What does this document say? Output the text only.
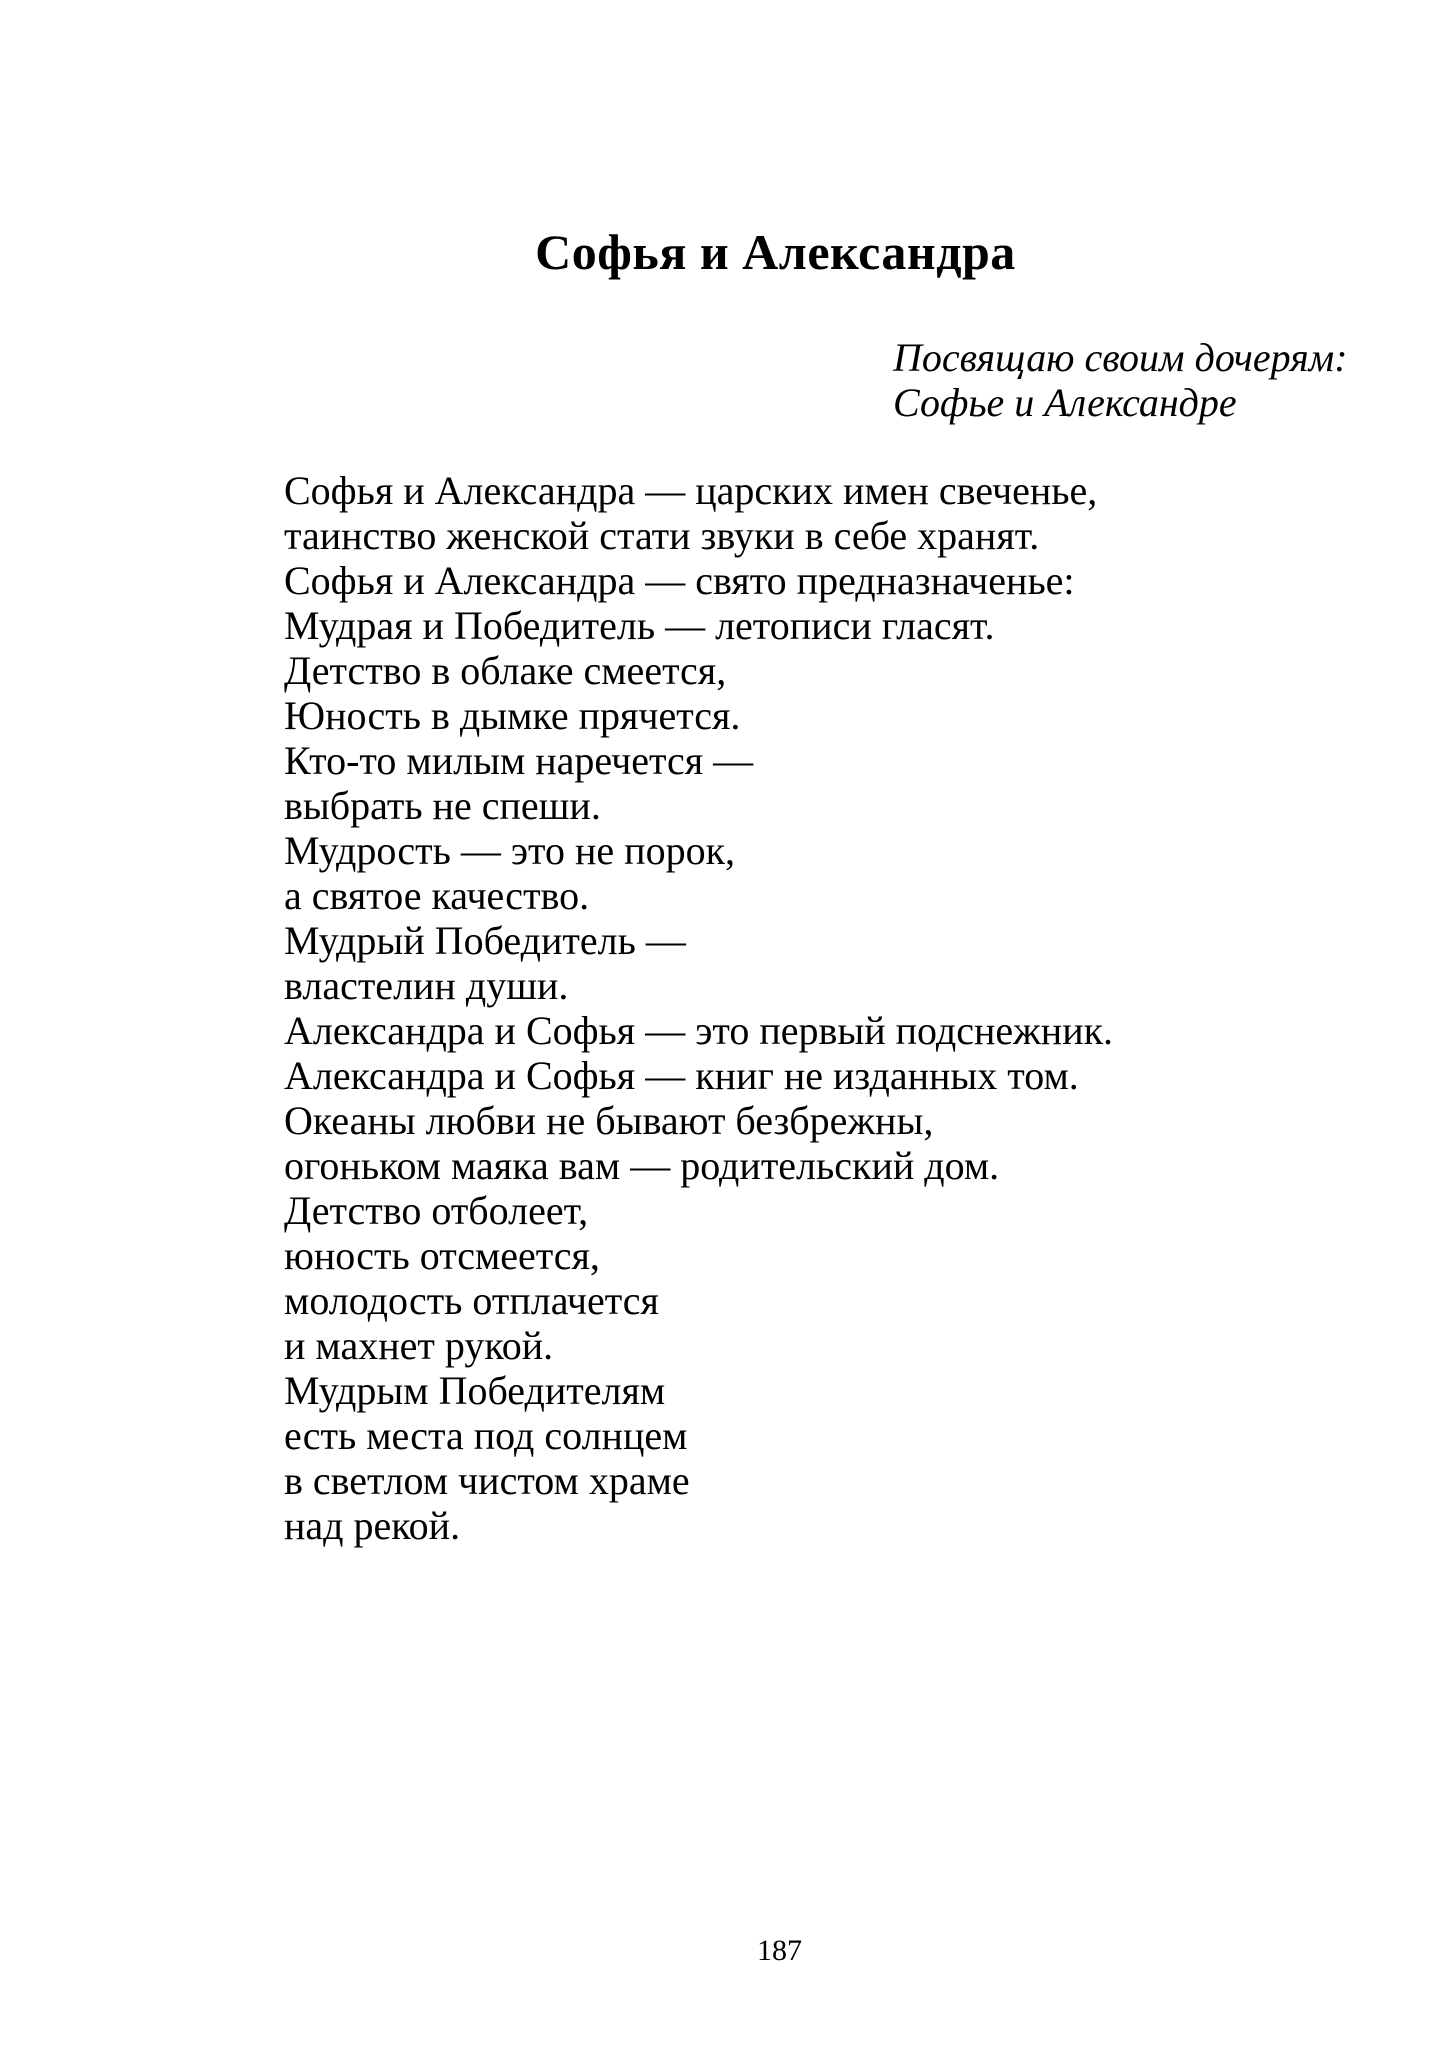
Софья и Александра
Посвящаю своим дочерям:
Софье и Александре
Софья и Александра — царских имен свеченье,
таинство женской стати звуки в себе хранят.
Софья и Александра — свято предназначенье:
Мудрая и Победитель — летописи гласят.
Детство в облаке смеется,
Юность в дымке прячется.
Кто-то милым наречется —
выбрать не спеши.
Мудрость — это не порок,
а святое качество.
Мудрый Победитель —
властелин души.
Александра и Софья — это первый подснежник.
Александра и Софья — книг не изданных том.
Океаны любви не бывают безбрежны,
огоньком маяка вам — родительский дом.
Детство отболеет,
юность отсмеется,
молодость отплачется
и махнет рукой.
Мудрым Победителям
есть места под солнцем
в светлом чистом храме
над рекой.
187
